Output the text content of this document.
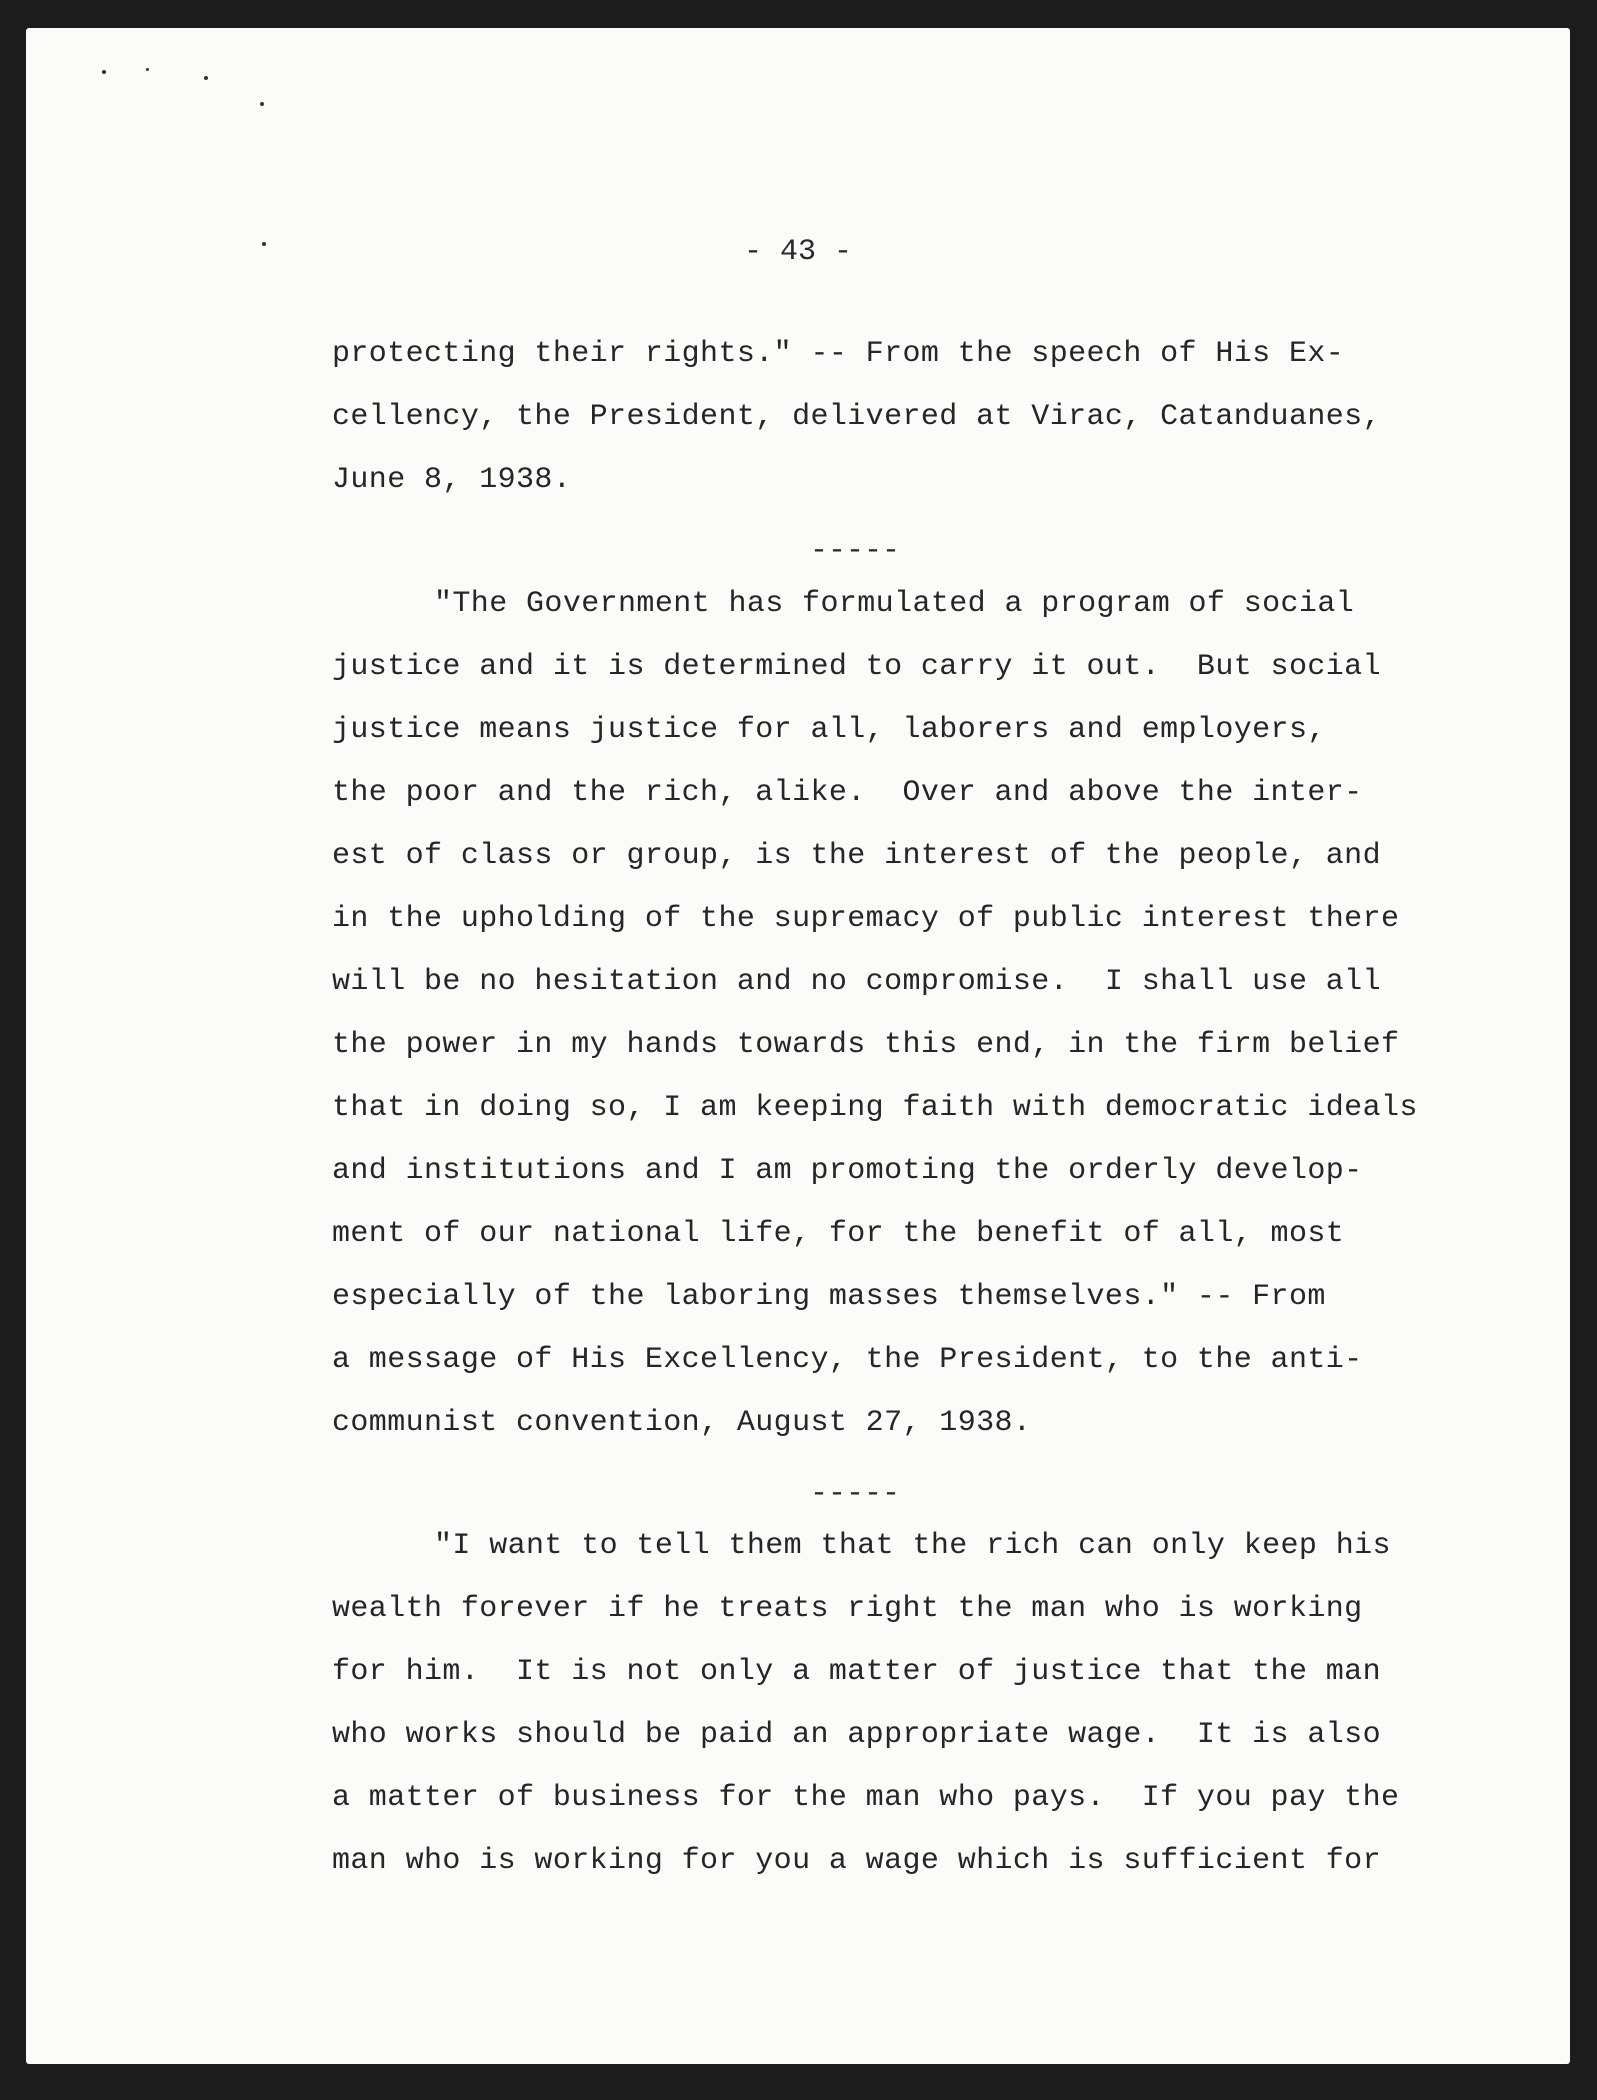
- 43 -
protecting their rights." -- From the speech of His Ex-
cellency, the President, delivered at Virac, Catanduanes,
June 8, 1938.
-----
"The Government has formulated a program of social
justice and it is determined to carry it out.  But social
justice means justice for all, laborers and employers,
the poor and the rich, alike.  Over and above the inter-
est of class or group, is the interest of the people, and
in the upholding of the supremacy of public interest there
will be no hesitation and no compromise.  I shall use all
the power in my hands towards this end, in the firm belief
that in doing so, I am keeping faith with democratic ideals
and institutions and I am promoting the orderly develop-
ment of our national life, for the benefit of all, most
especially of the laboring masses themselves." -- From
a message of His Excellency, the President, to the anti-
communist convention, August 27, 1938.
-----
"I want to tell them that the rich can only keep his
wealth forever if he treats right the man who is working
for him.  It is not only a matter of justice that the man
who works should be paid an appropriate wage.  It is also
a matter of business for the man who pays.  If you pay the
man who is working for you a wage which is sufficient for
